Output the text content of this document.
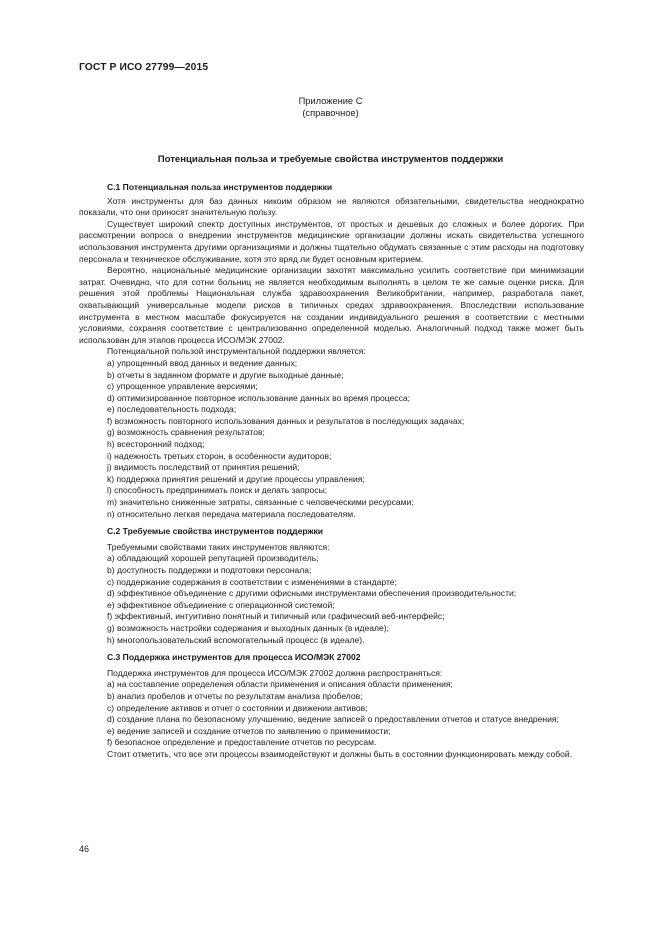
ГОСТ Р ИСО 27799—2015
Приложение С
(справочное)
Потенциальная польза и требуемые свойства инструментов поддержки
С.1 Потенциальная польза инструментов поддержки

Хотя инструменты для баз данных никоим образом не являются обязательными, свидетельства неоднократно показали, что они приносят значительную пользу.

Существует широкий спектр доступных инструментов, от простых и дешевых до сложных и более дорогих. При рассмотрении вопроса о внедрении инструментов медицинские организации должны искать свидетельства успешного использования инструмента другими организациями и должны тщательно обдумать связанные с этим расходы на подготовку персонала и техническое обслуживание, хотя это вряд ли будет основным критерием.

Вероятно, национальные медицинские организации захотят максимально усилить соответствие при минимизации затрат. Очевидно, что для сотни больниц не является необходимым выполнять в целом те же самые оценки риска. Для решения этой проблемы Национальная служба здравоохранения Великобритании, например, разработала пакет, охватывающий универсальные модели рисков в типичных средах здравоохранения. Впоследствии использование инструмента в местном масштабе фокусируется на создании индивидуального решения в соответствии с местными условиями, сохраняя соответствие с централизованно определенной моделью. Аналогичный подход также может быть использован для этапов процесса ИСО/МЭК 27002.

Потенциальной пользой инструментальной поддержки является:

a) упрощенный ввод данных и ведение данных;
b) отчеты в заданном формате и другие выходные данные;
c) упрощенное управление версиями;
d) оптимизированное повторное использование данных во время процесса;
e) последовательность подхода;
f) возможность повторного использования данных и результатов в последующих задачах;
g) возможность сравнения результатов;
h) всесторонний подход;
i) надежность третьих сторон, в особенности аудиторов;
j) видимость последствий от принятия решений;
k) поддержка принятия решений и другие процессы управления;
l) способность предпринимать поиск и делать запросы;
m) значительно сниженные затраты, связанные с человеческими ресурсами;
n) относительно легкая передача материала последователям.
С.2 Требуемые свойства инструментов поддержки
Требуемыми свойствами таких инструментов являются:
a) обладающий хорошей репутацией производитель;
b) доступность поддержки и подготовки персонала;
c) поддержание содержания в соответствии с изменениями в стандарте;
d) эффективное объединение с другими офисными инструментами обеспечения производительности;
e) эффективное объединение с операционной системой;
f) эффективный, интуитивно понятный и типичный или графический веб-интерфейс;
g) возможность настройки содержания и выходных данных (в идеале);
h) многопользовательский вспомогательный процесс (в идеале).
С.3 Поддержка инструментов для процесса ИСО/МЭК 27002
Поддержка инструментов для процесса ИСО/МЭК 27002 должна распространяться:
a) на составление определения области применения и описания области применения;
b) анализ пробелов и отчеты по результатам анализа пробелов;
c) определение активов и отчет о состоянии и движении активов;

d) создание плана по безопасному улучшению, ведение записей о предоставлении отчетов и статусе внедрения;

e) ведение записей и создание отчетов по заявлению о применимости;
f) безопасное определение и предоставление отчетов по ресурсам.

Стоит отметить, что все эти процессы взаимодействуют и должны быть в состоянии функционировать между собой.

46
